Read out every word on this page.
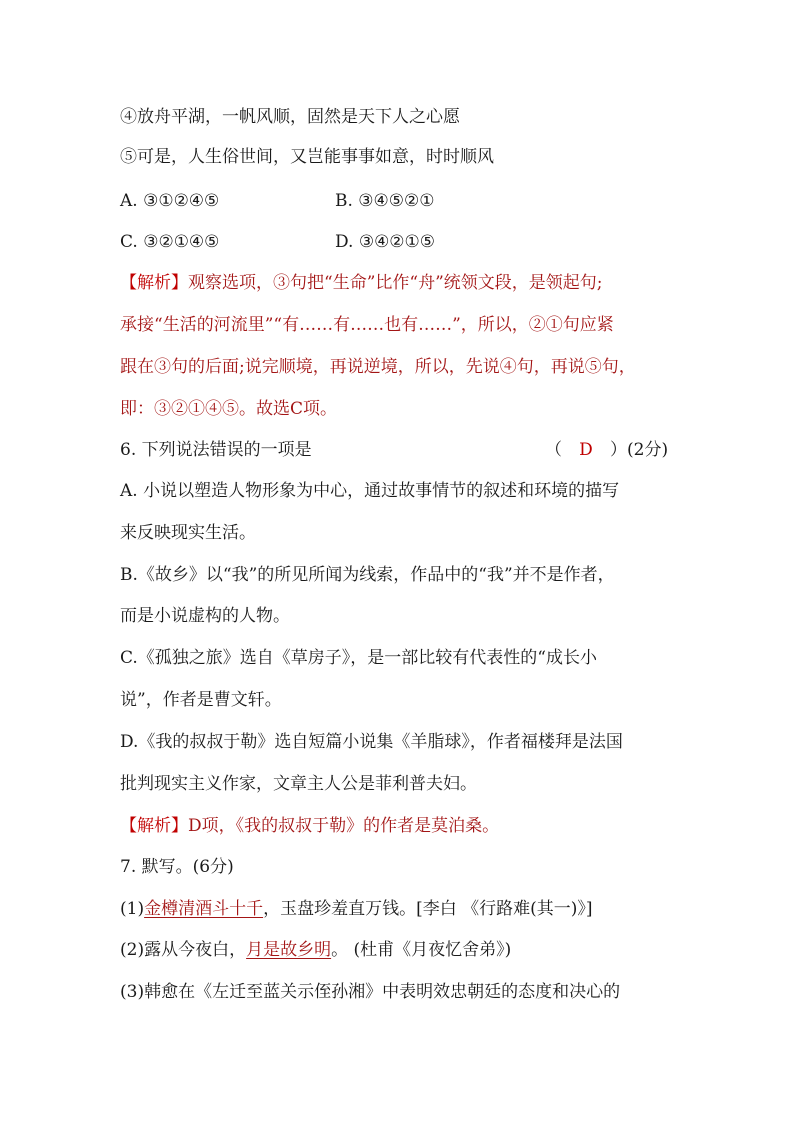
④放舟平湖，一帆风顺，固然是天下人之心愿
⑤可是，人生俗世间，又岂能事事如意，时时顺风
A. ③①②④⑤	B. ③④⑤②①
C. ③②①④⑤	D. ③④②①⑤
【解析】观察选项，③句把“生命”比作“舟”统领文段，是领起句;
承接“生活的河流里”“有……有……也有……”，所以，②①句应紧
跟在③句的后面;说完顺境，再说逆境，所以，先说④句，再说⑤句，
即：③②①④⑤。故选C项。
6. 下列说法错误的一项是	（ D ）(2分)
A. 小说以塑造人物形象为中心，通过故事情节的叙述和环境的描写
来反映现实生活。
B.《故乡》以“我”的所见所闻为线索，作品中的“我”并不是作者，
而是小说虚构的人物。
C.《孤独之旅》选自《草房子》，是一部比较有代表性的“成长小
说”，作者是曹文轩。
D.《我的叔叔于勒》选自短篇小说集《羊脂球》，作者福楼拜是法国
批判现实主义作家，文章主人公是菲利普夫妇。
【解析】D项，《我的叔叔于勒》的作者是莫泊桑。
7. 默写。(6分)
(1)金樽清酒斗十千，玉盘珍羞直万钱。[李白 《行路难(其一)》]
(2)露从今夜白，月是故乡明。 (杜甫《月夜忆舍弟》)
(3)韩愈在《左迁至蓝关示侄孙湘》中表明效忠朝廷的态度和决心的
